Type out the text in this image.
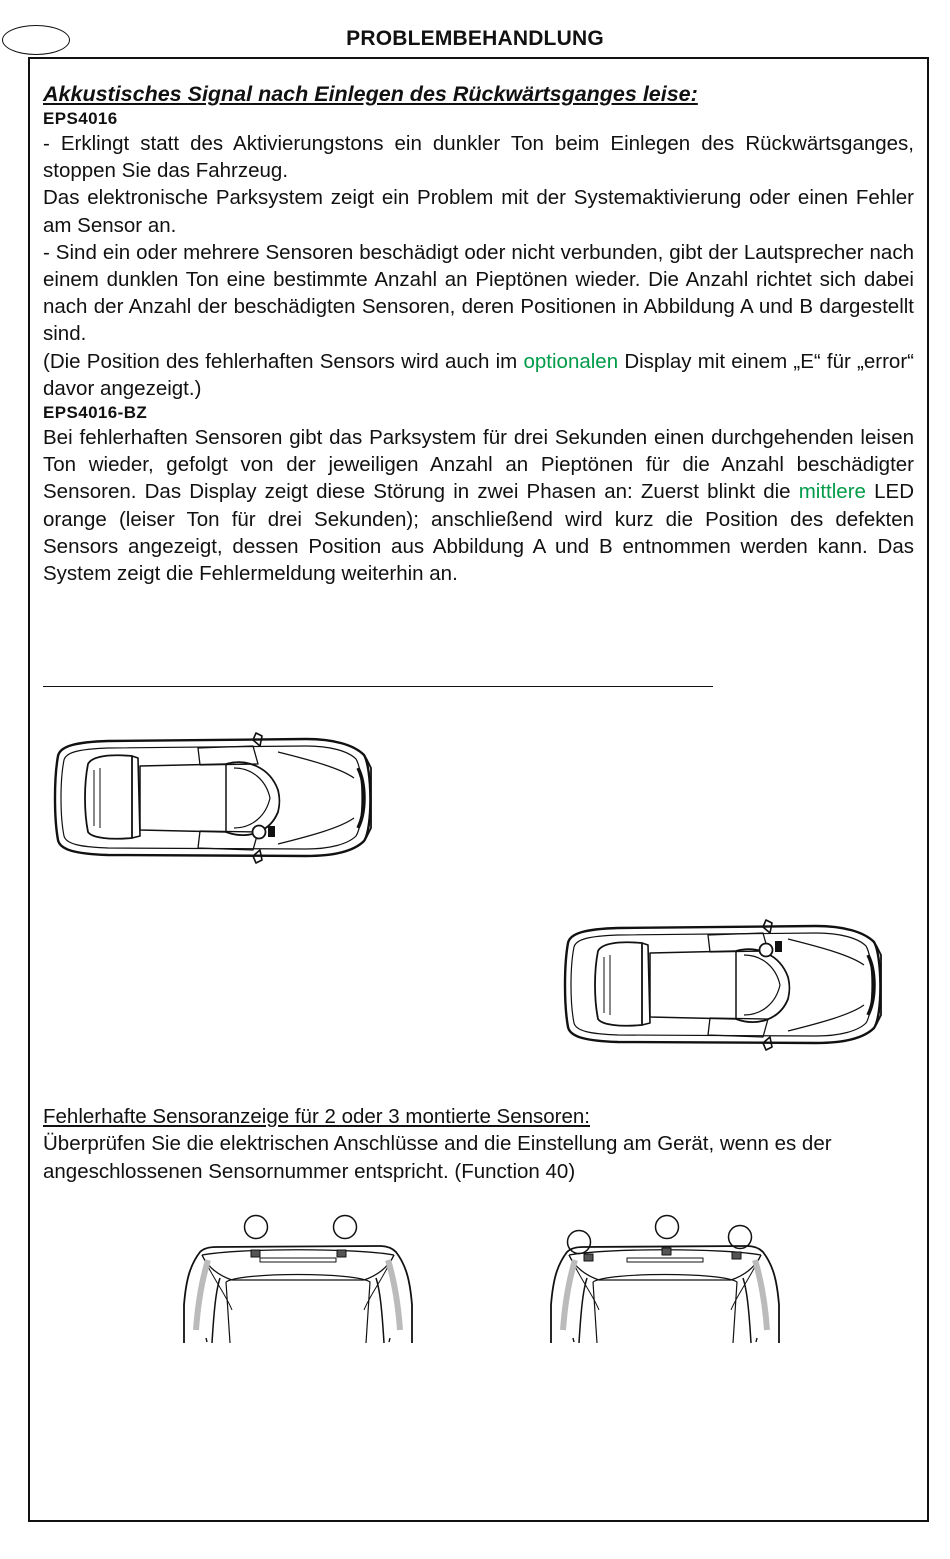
PROBLEMBEHANDLUNG

Akkustisches Signal nach Einlegen des Rückwärtsganges leise:

EPS4016

- Erklingt statt des Aktivierungstons ein dunkler Ton beim Einlegen des Rückwärtsganges, stoppen Sie das Fahrzeug.

Das elektronische Parksystem zeigt ein Problem mit der Systemaktivierung oder einen Fehler am Sensor an.

- Sind ein oder mehrere Sensoren beschädigt oder nicht verbunden, gibt der Lautsprecher nach einem dunklen Ton eine bestimmte Anzahl an Pieptönen wieder. Die Anzahl richtet sich dabei nach der Anzahl der beschädigten Sensoren, deren Positionen in Abbildung A und B dargestellt sind.

(Die Position des fehlerhaften Sensors wird auch im optionalen Display mit einem „E“ für „error“ davor angezeigt.)

EPS4016-BZ

Bei fehlerhaften Sensoren gibt das Parksystem für drei Sekunden einen durchgehenden leisen Ton wieder, gefolgt von der jeweiligen Anzahl an Pieptönen für die Anzahl beschädigter Sensoren. Das Display zeigt diese Störung in zwei Phasen an: Zuerst blinkt die mittlere LED orange (leiser Ton für drei Sekunden); anschließend wird kurz die Position des defekten Sensors angezeigt, dessen Position aus Abbildung A und B entnommen werden kann. Das System zeigt die Fehlermeldung weiterhin an.

Fehlerhafte Sensoranzeige für 2 oder 3 montierte Sensoren:
Überprüfen Sie die elektrischen Anschlüsse and die Einstellung am Gerät, wenn es der angeschlossenen Sensornummer entspricht. (Function 40)
